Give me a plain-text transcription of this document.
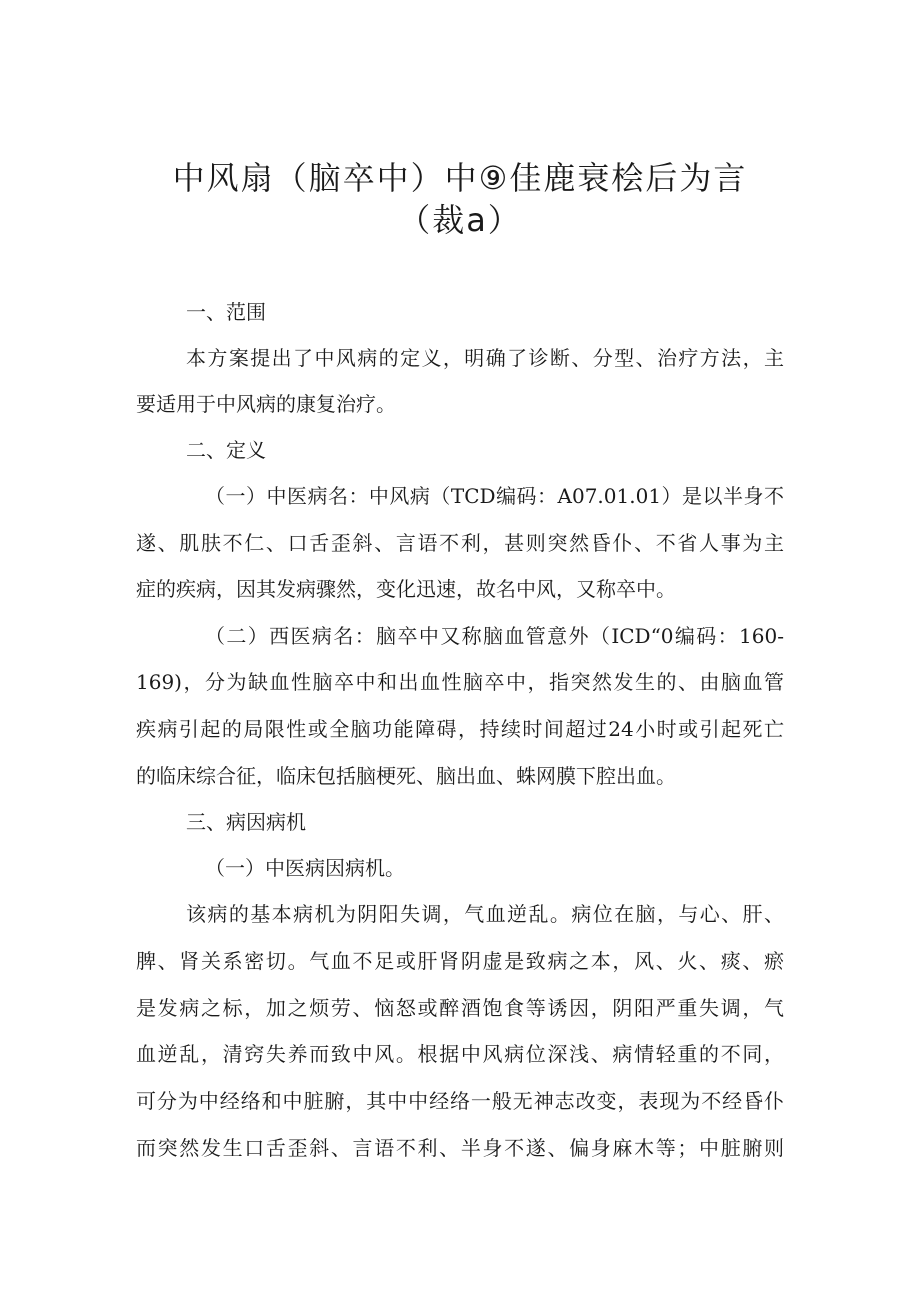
中风扇（脑卒中）中⑨佳鹿衰桧后为言
（裁a）
一、范围
本方案提出了中风病的定义，明确了诊断、分型、治疗方法，主
要适用于中风病的康复治疗。
二、定义
（一）中医病名：中风病（TCD编码：A07.01.01）是以半身不
遂、肌肤不仁、口舌歪斜、言语不利，甚则突然昏仆、不省人事为主
症的疾病，因其发病骤然，变化迅速，故名中风，又称卒中。
（二）西医病名：脑卒中又称脑血管意外（ICD“0编码：160-
169)，分为缺血性脑卒中和出血性脑卒中，指突然发生的、由脑血管
疾病引起的局限性或全脑功能障碍，持续时间超过24小时或引起死亡
的临床综合征，临床包括脑梗死、脑出血、蛛网膜下腔出血。
三、病因病机
（一）中医病因病机。
该病的基本病机为阴阳失调，气血逆乱。病位在脑，与心、肝、
脾、肾关系密切。气血不足或肝肾阴虚是致病之本，风、火、痰、瘀
是发病之标，加之烦劳、恼怒或醉酒饱食等诱因，阴阳严重失调，气
血逆乱，清窍失养而致中风。根据中风病位深浅、病情轻重的不同，
可分为中经络和中脏腑，其中中经络一般无神志改变，表现为不经昏仆
而突然发生口舌歪斜、言语不利、半身不遂、偏身麻木等；中脏腑则
